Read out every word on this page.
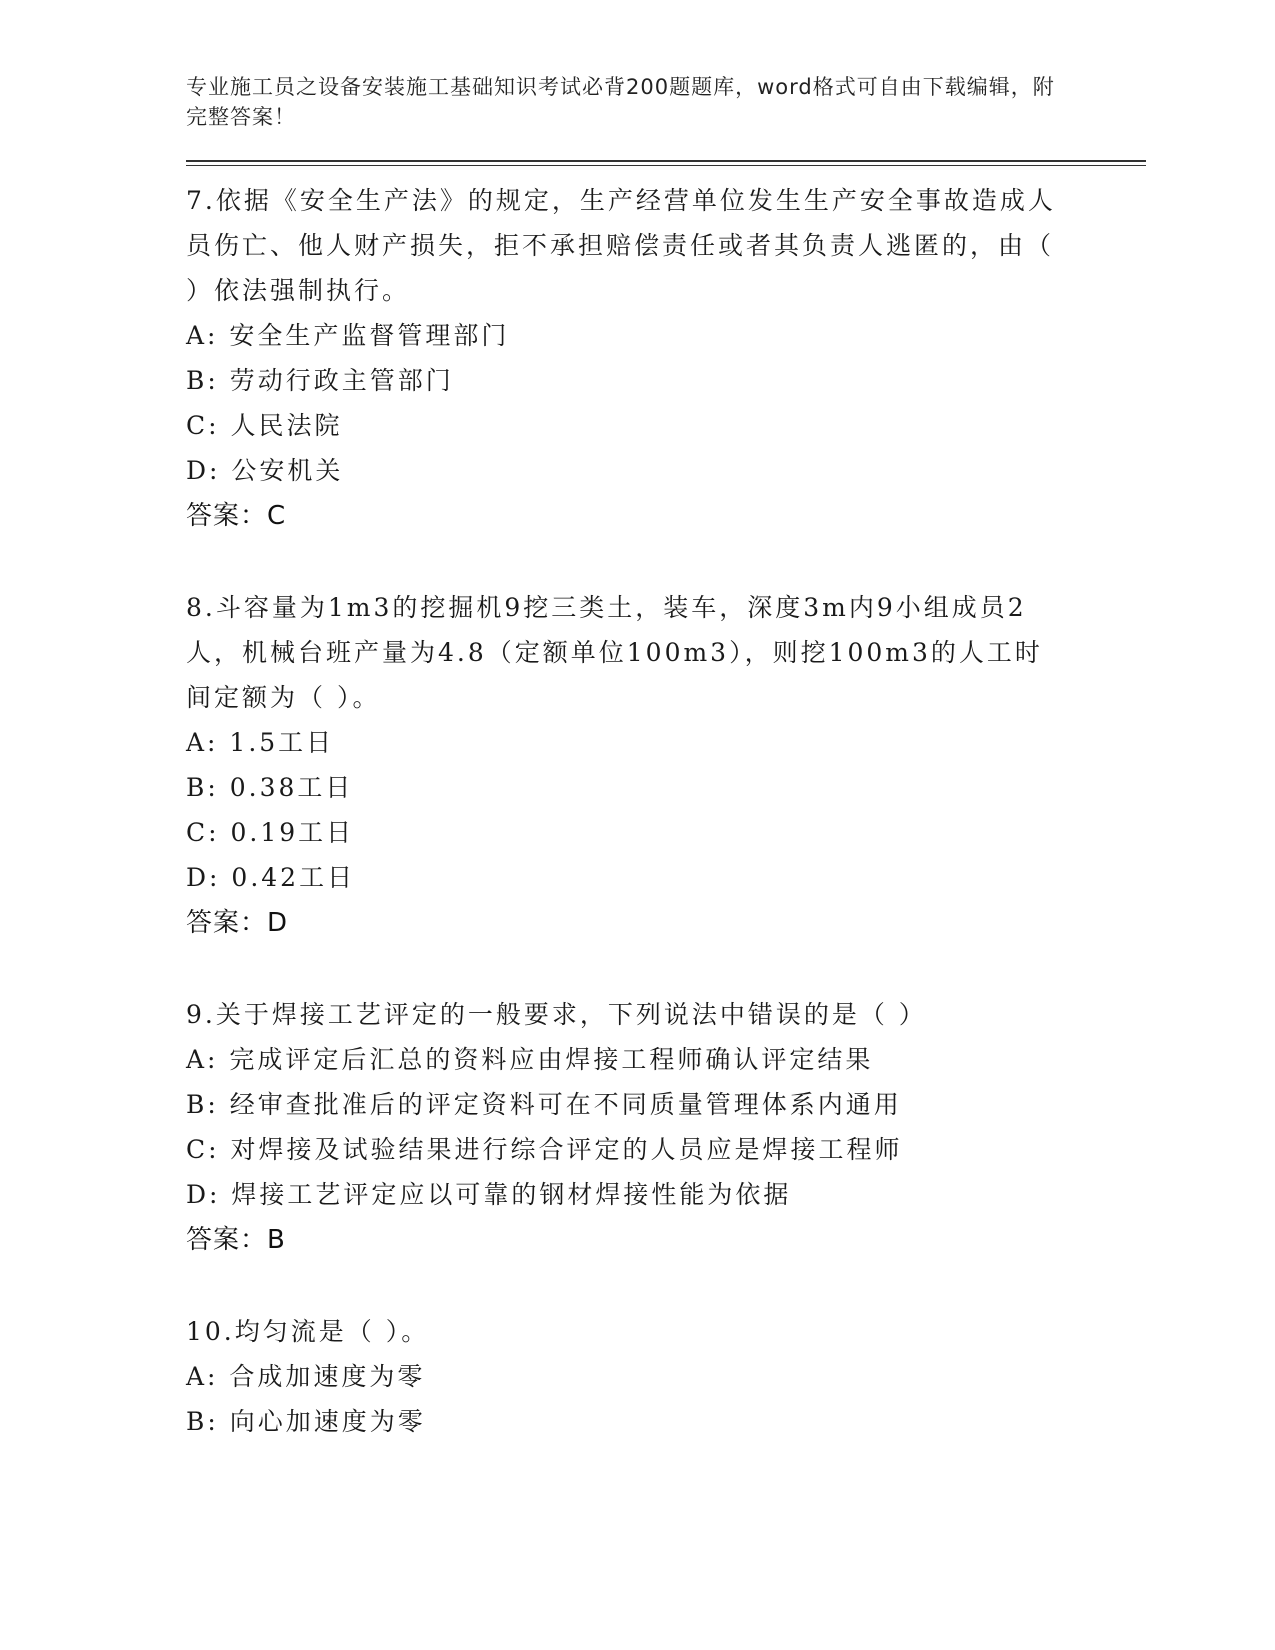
专业施工员之设备安装施工基础知识考试必背200题题库，word格式可自由下载编辑，附完整答案！
7.依据《安全生产法》的规定，生产经营单位发生生产安全事故造成人员伤亡、他人财产损失，拒不承担赔偿责任或者其负责人逃匿的，由（ ）依法强制执行。
A: 安全生产监督管理部门
B: 劳动行政主管部门
C: 人民法院
D: 公安机关
答案：C
8.斗容量为1m3的挖掘机9挖三类土，装车，深度3m内9小组成员2人，机械台班产量为4.8（定额单位100m3），则挖100m3的人工时间定额为（ ）。
A: 1.5工日
B: 0.38工日
C: 0.19工日
D: 0.42工日
答案：D
9.关于焊接工艺评定的一般要求，下列说法中错误的是（ ）
A: 完成评定后汇总的资料应由焊接工程师确认评定结果
B: 经审查批准后的评定资料可在不同质量管理体系内通用
C: 对焊接及试验结果进行综合评定的人员应是焊接工程师
D: 焊接工艺评定应以可靠的钢材焊接性能为依据
答案：B
10.均匀流是（ ）。
A: 合成加速度为零
B: 向心加速度为零
